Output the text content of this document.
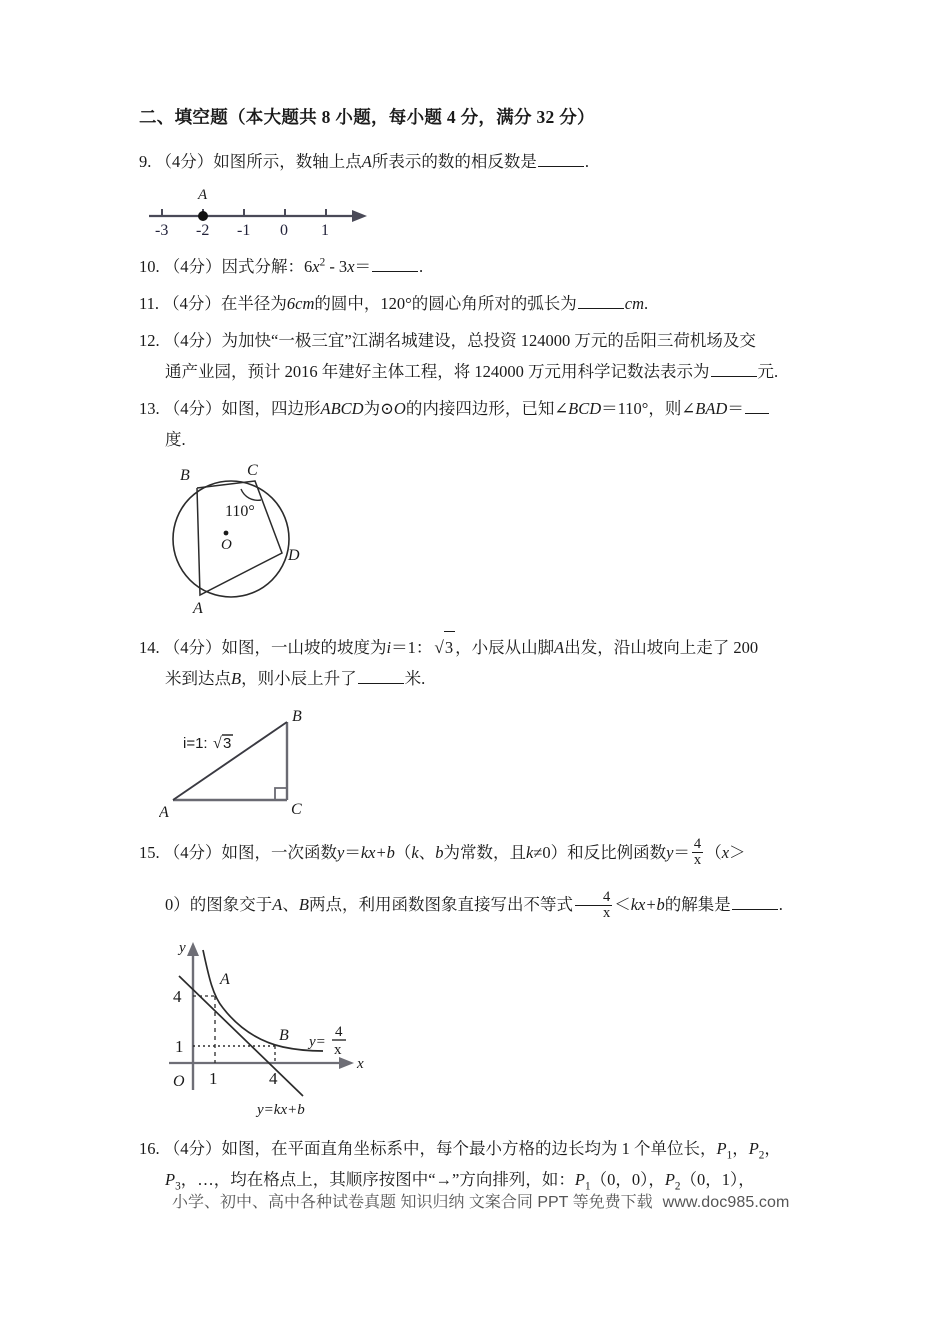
二、填空题（本大题共 8 小题，每小题 4 分，满分 32 分）
9. （4分）如图所示，数轴上点A所表示的数的相反数是	.
A
-3 -2 -1 0 1
10. （4分）因式分解：$6x^2 - 3x=$	.
11. （4分）在半径为6cm的圆中，120°的圆心角所对的弧长为	cm.
12. （4分）为加快“一极三宜”江湖名城建设，总投资 124000 万元的岳阳三荷机场及交
通产业园，预计 2016 年建好主体工程，将 124000 万元用科学记数法表示为	元.
13. （4分）如图，四边形ABCD为⊙O的内接四边形，已知∠BCD＝110°，则∠BAD＝
度.
O
B	C
D
A
110°
14. （4分）如图，一山坡的坡度为i＝1： √3 ，小辰从山脚A出发，沿山坡向上走了 200
米到达点B，则小辰上升了	米.
A
B
C
i=1: √ 3
15. （4分）如图，一次函数y＝kx+b（k、b为常数，且k≠0）和反比例函数$y= \frac{4}{x} (x>$
0）的图象交于A、B两点，利用函数图象直接写出不等式 $\frac{4}{x} <kx+b$的解集是	.
y
x
O
4
1
1	4
A
B y=
4
x
y=kx+b
16. （4分）如图，在平面直角坐标系中，每个最小方格的边长均为 1 个单位长，$P_1$，$P_2$，
$P_3$，…，均在格点上，其顺序按图中“→”方向排列，如：$P_1(0$，0），$P_2(0$，1），
小学、初中、高中各种试卷真题 知识归纳 文案合同 PPT 等免费下载 www.doc985.com
